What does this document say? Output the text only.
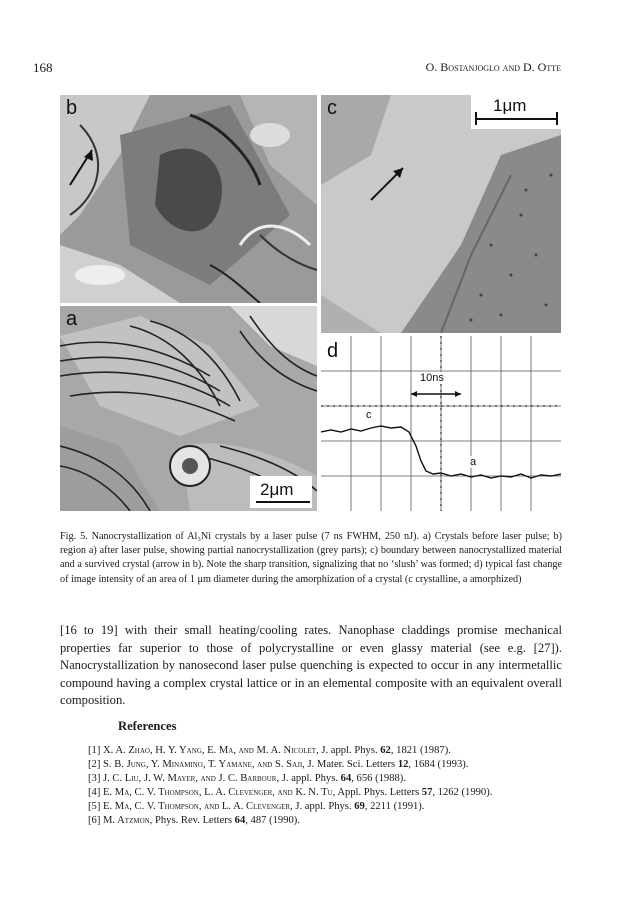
168	O. Bostanjoglo and D. Otte
b	c	1μm
a
2μm
d
10ns
c
a
Fig. 5. Nanocrystallization of Al₃Ni crystals by a laser pulse (7 ns FWHM, 250 nJ). a) Crystals before laser pulse; b) region a) after laser pulse, showing partial nanocrystallization (grey parts); c) boundary between nanocrystallized material and a survived crystal (arrow in b). Note the sharp transition, signalizing that no ‘slush’ was formed; d) typical fast change of image intensity of an area of 1 μm diameter during the amorphization of a crystal (c crystalline, a amorphized)
[16 to 19] with their small heating/cooling rates. Nanophase claddings promise mechanical properties far superior to those of polycrystalline or even glassy material (see e.g. [27]). Nanocrystallization by nanosecond laser pulse quenching is expected to occur in any intermetallic compound having a complex crystal lattice or in an elemental composite with an equivalent overall composition.
References
[1] X. A. Zhao, H. Y. Yang, E. Ma, and M. A. Nicolet, J. appl. Phys. 62, 1821 (1987).
[2] S. B. Jung, Y. Minamino, T. Yamane, and S. Saji, J. Mater. Sci. Letters 12, 1684 (1993).
[3] J. C. Liu, J. W. Mayer, and J. C. Barbour, J. appl. Phys. 64, 656 (1988).
[4] E. Ma, C. V. Thompson, L. A. Clevenger, and K. N. Tu, Appl. Phys. Letters 57, 1262 (1990).
[5] E. Ma, C. V. Thompson, and L. A. Clevenger, J. appl. Phys. 69, 2211 (1991).
[6] M. Atzmon, Phys. Rev. Letters 64, 487 (1990).
